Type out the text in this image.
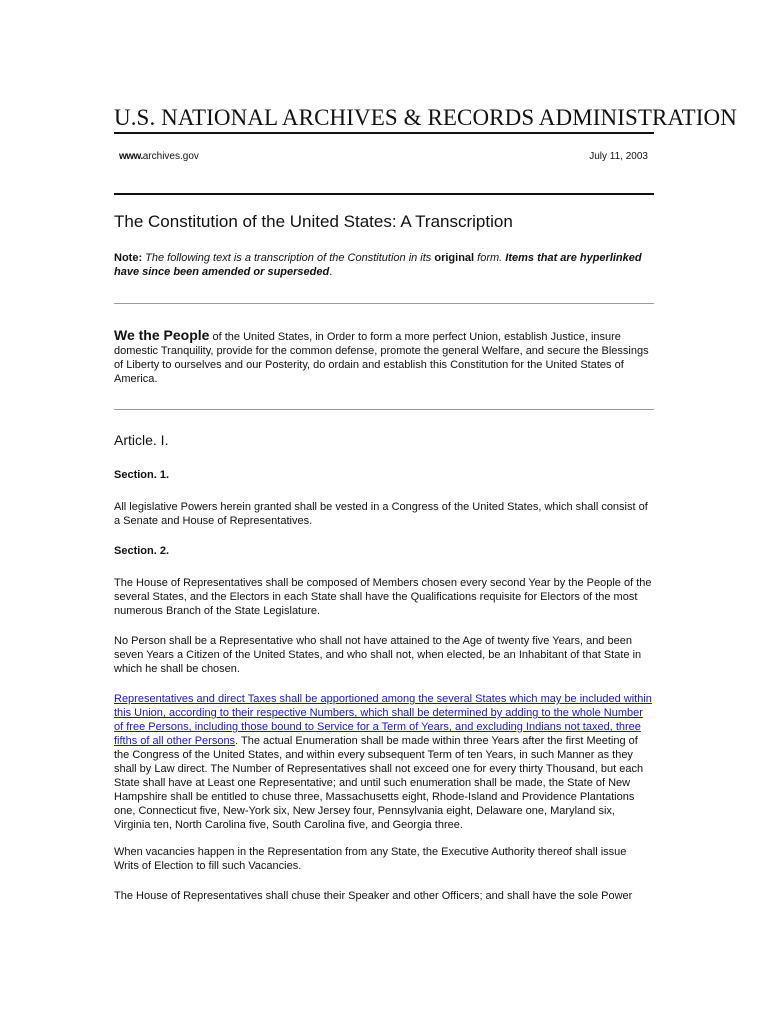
U.S. NATIONAL ARCHIVES & RECORDS ADMINISTRATION
www.archives.gov	July 11, 2003
The Constitution of the United States: A Transcription
Note: The following text is a transcription of the Constitution in its original form. Items that are hyperlinked have since been amended or superseded.
We the People of the United States, in Order to form a more perfect Union, establish Justice, insure domestic Tranquility, provide for the common defense, promote the general Welfare, and secure the Blessings of Liberty to ourselves and our Posterity, do ordain and establish this Constitution for the United States of America.
Article. I.
Section. 1.
All legislative Powers herein granted shall be vested in a Congress of the United States, which shall consist of a Senate and House of Representatives.
Section. 2.
The House of Representatives shall be composed of Members chosen every second Year by the People of the several States, and the Electors in each State shall have the Qualifications requisite for Electors of the most numerous Branch of the State Legislature.
No Person shall be a Representative who shall not have attained to the Age of twenty five Years, and been seven Years a Citizen of the United States, and who shall not, when elected, be an Inhabitant of that State in which he shall be chosen.
Representatives and direct Taxes shall be apportioned among the several States which may be included within this Union, according to their respective Numbers, which shall be determined by adding to the whole Number of free Persons, including those bound to Service for a Term of Years, and excluding Indians not taxed, three fifths of all other Persons. The actual Enumeration shall be made within three Years after the first Meeting of the Congress of the United States, and within every subsequent Term of ten Years, in such Manner as they shall by Law direct. The Number of Representatives shall not exceed one for every thirty Thousand, but each State shall have at Least one Representative; and until such enumeration shall be made, the State of New Hampshire shall be entitled to chuse three, Massachusetts eight, Rhode-Island and Providence Plantations one, Connecticut five, New-York six, New Jersey four, Pennsylvania eight, Delaware one, Maryland six, Virginia ten, North Carolina five, South Carolina five, and Georgia three.
When vacancies happen in the Representation from any State, the Executive Authority thereof shall issue Writs of Election to fill such Vacancies.
The House of Representatives shall chuse their Speaker and other Officers; and shall have the sole Power
